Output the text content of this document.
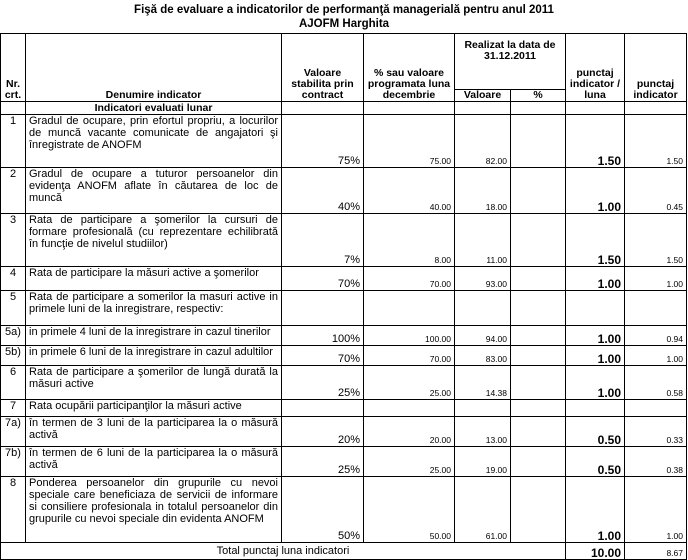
Fişă de evaluare a indicatorilor de performanţă managerială pentru anul 2011
AJOFM Harghita
Nr. crt.	Denumire indicator	Valoare stabilita prin contract	% sau valoare programata luna decembrie	Realizat la data de 31.12.2011		punctaj indicator / luna	punctaj indicator
				Valoare	%		
	Indicatori evaluati lunar						
1	Gradul de ocupare, prin efortul propriu, a locurilor de muncă vacante comunicate de angajatori şi înregistrate de ANOFM	75%	75.00	82.00		1.50	1.50
2	Gradul de ocupare a tuturor persoanelor din evidenţa ANOFM aflate în căutarea de loc de muncă	40%	40.00	18.00		1.00	0.45
3	Rata de participare a şomerilor la cursuri de formare profesională (cu reprezentare echilibrată în funcţie de nivelul studiilor)	7%	8.00	11.00		1.50	1.50
4	Rata de participare la măsuri active a şomerilor	70%	70.00	93.00		1.00	1.00
5	Rata de participare a somerilor la masuri active in primele luni de la inregistrare, respectiv:						
5a)	in primele 4 luni de la inregistrare in cazul tinerilor	100%	100.00	94.00		1.00	0.94
5b)	in primele 6 luni de la inregistrare in cazul adultilor	70%	70.00	83.00		1.00	1.00
6	Rata de participare a şomerilor de lungă durată la măsuri active	25%	25.00	14.38		1.00	0.58
7	Rata ocupării participanţilor la măsuri active						
7a)	în termen de 3 luni de la participarea la o măsură activă	20%	20.00	13.00		0.50	0.33
7b)	în termen de 6 luni de la participarea la o măsură activă	25%	25.00	19.00		0.50	0.38
8	Ponderea persoanelor din grupurile cu nevoi speciale care beneficiaza de servicii de informare si consiliere profesionala in totalul persoanelor din grupurile cu nevoi speciale din evidenta ANOFM	50%	50.00	61.00		1.00	1.00
Total punctaj luna indicatori						10.00	8.67
